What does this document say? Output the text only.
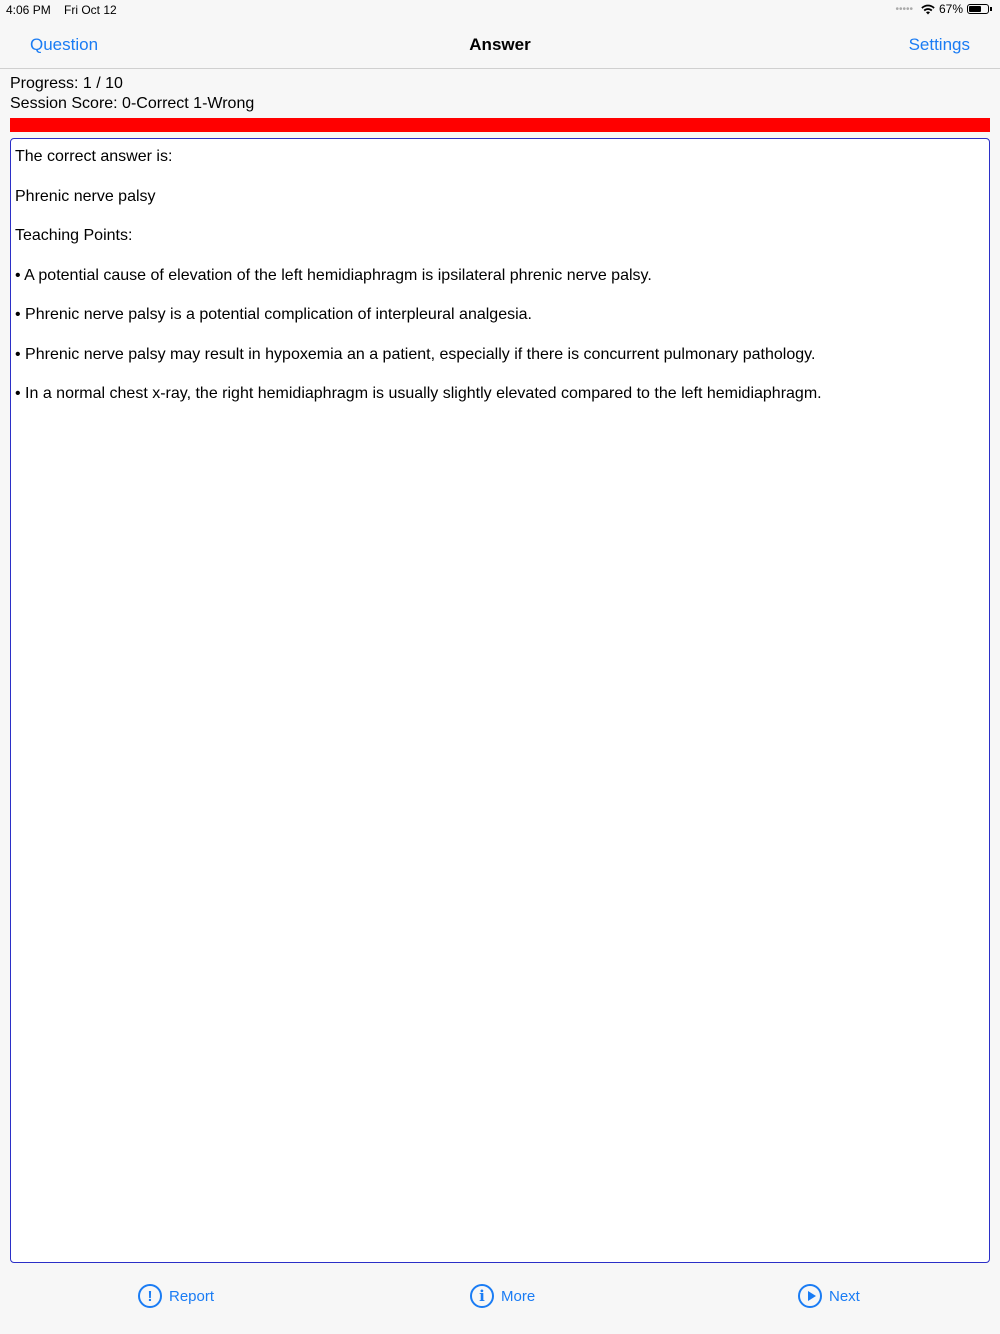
4:06 PM Fri Oct 12	••••• 67%
Question	Answer	Settings
Progress: 1 / 10
Session Score: 0-Correct 1-Wrong

The correct answer is:

Phrenic nerve palsy

Teaching Points:

• A potential cause of elevation of the left hemidiaphragm is ipsilateral phrenic nerve palsy.

• Phrenic nerve palsy is a potential complication of interpleural analgesia.

• Phrenic nerve palsy may result in hypoxemia an a patient, especially if there is concurrent pulmonary pathology.

• In a normal chest x-ray, the right hemidiaphragm is usually slightly elevated compared to the left hemidiaphragm.

!	Report	i	More	Next
